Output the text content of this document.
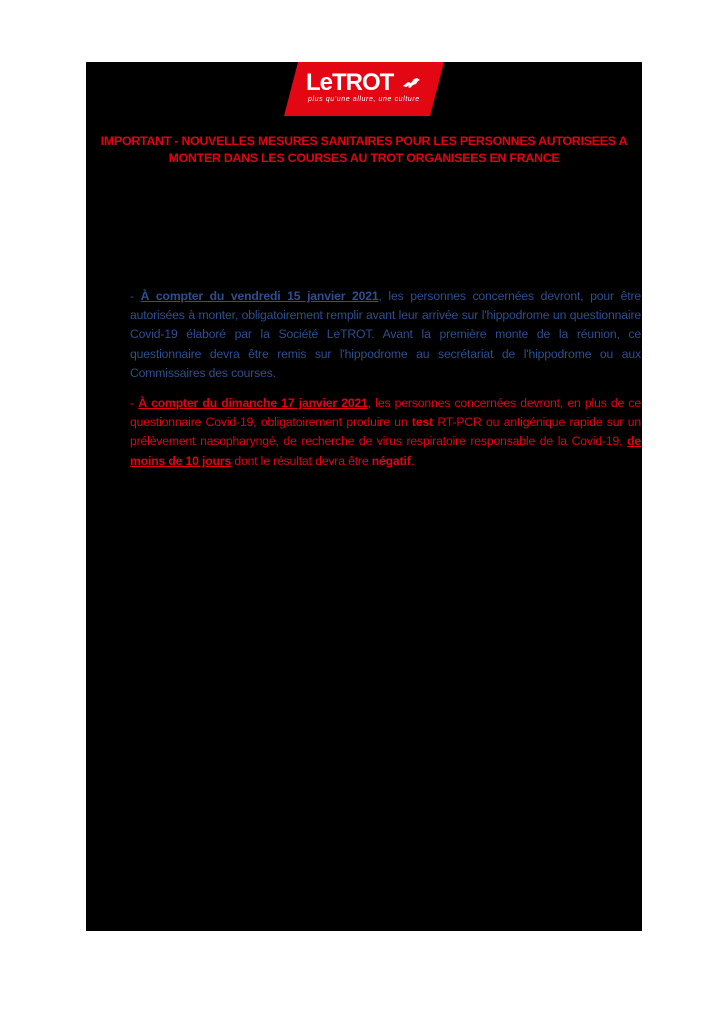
LeTROT
plus qu'une allure, une culture
IMPORTANT - NOUVELLES MESURES SANITAIRES POUR LES PERSONNES AUTORISEES A
MONTER DANS LES COURSES AU TROT ORGANISEES EN FRANCE
- À compter du vendredi 15 janvier 2021, les personnes concernées devront, pour être autorisées à monter, obligatoirement remplir avant leur arrivée sur l'hippodrome un questionnaire Covid-19 élaboré par la Société LeTROT. Avant la première monte de la réunion, ce questionnaire devra être remis sur l'hippodrome au secrétariat de l'hippodrome ou aux Commissaires des courses.
- À compter du dimanche 17 janvier 2021, les personnes concernées devront, en plus de ce questionnaire Covid-19, obligatoirement produire un test RT-PCR ou antigénique rapide sur un prélèvement nasopharyngé, de recherche de virus respiratoire responsable de la Covid-19, de moins de 10 jours dont le résultat devra être négatif.
